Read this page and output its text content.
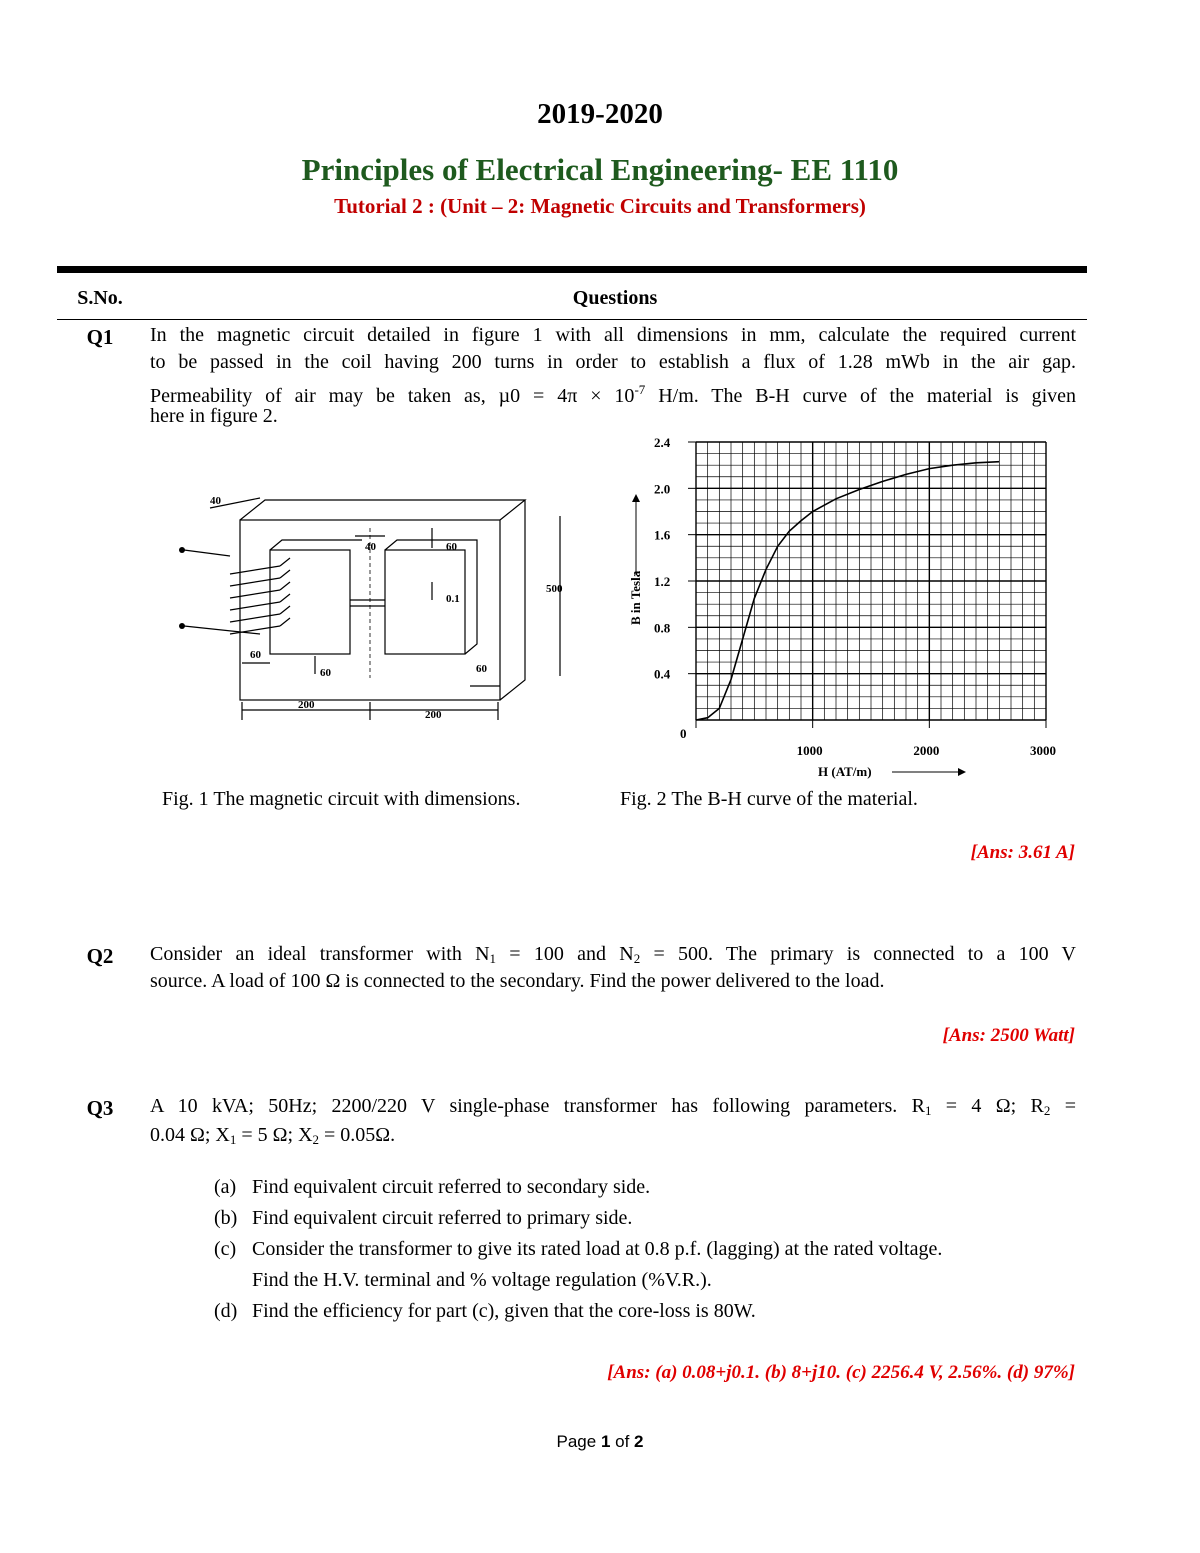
2019-2020
Principles of Electrical Engineering- EE 1110
Tutorial 2 : (Unit – 2: Magnetic Circuits and Transformers)
S.No.	Questions
Q1	In the magnetic circuit detailed in figure 1 with all dimensions in mm, calculate the required current
to be passed in the coil having 200 turns in order to establish a flux of 1.28 mWb in the air gap.
Permeability of air may be taken as, $\mu 0 = 4\pi \times 10^{-7}$ H/m. The B-H curve of the material is given
here in figure 2.
40
40	60
0.1
500
60
60	60
200
200
0.4
0.8
1.2
1.6
2.0
2.4
0
1000	2000	3000
B in Tesla
H (AT/m)
Fig. 1 The magnetic circuit with dimensions.	Fig. 2 The B-H curve of the material.
[Ans: 3.61 A]
Q2	Consider an ideal transformer with $N_1 = 100$ and $N_2 = 500$. The primary is connected to a 100 V
source. A load of 100 Ω is connected to the secondary. Find the power delivered to the load.
[Ans: 2500 Watt]
Q3	A 10 kVA; 50Hz; 2200/220 V single-phase transformer has following parameters. $R_1 = 4$ Ω; $R_2$ =
0.04 Ω; $X_1 = 5$ Ω; $X_2 = 0.05\Omega$.
(a) Find equivalent circuit referred to secondary side.
(b) Find equivalent circuit referred to primary side.
(c) Consider the transformer to give its rated load at 0.8 p.f. (lagging) at the rated voltage.
Find the H.V. terminal and % voltage regulation (%V.R.).
(d) Find the efficiency for part (c), given that the core-loss is 80W.
[Ans: (a) 0.08+j0.1. (b) 8+j10. (c) 2256.4 V, 2.56%. (d) 97%]
Page 1 of 2
